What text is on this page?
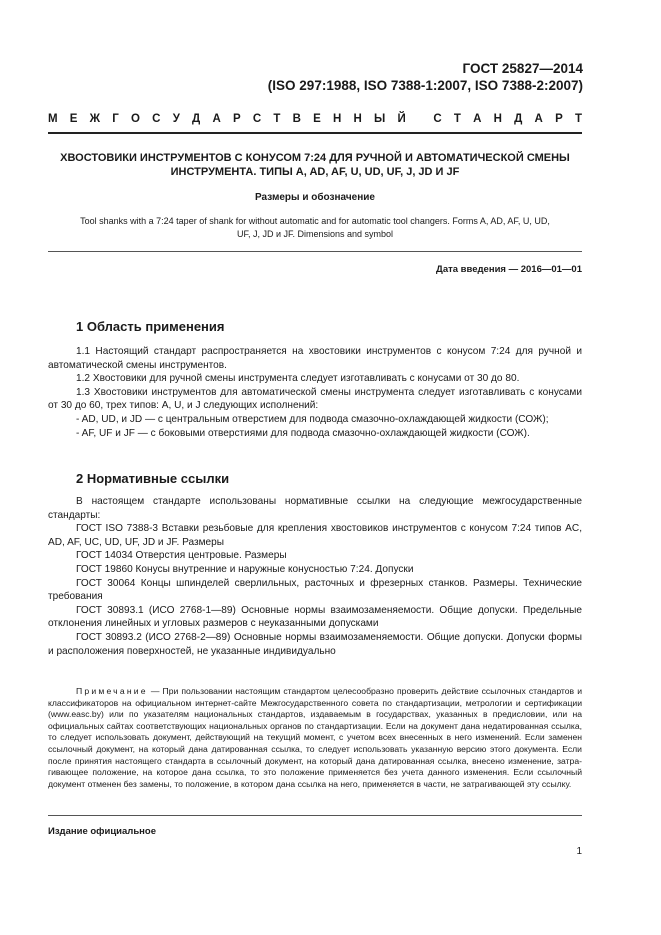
ГОСТ 25827—2014
(ISO 297:1988, ISO 7388-1:2007, ISO 7388-2:2007)
М Е Ж Г О С У Д А Р С Т В Е Н Н Ы Й
С Т А Н Д А Р Т
ХВОСТОВИКИ ИНСТРУМЕНТОВ С КОНУСОМ 7:24 ДЛЯ РУЧНОЙ И АВТОМАТИЧЕСКОЙ СМЕНЫ
ИНСТРУМЕНТА. ТИПЫ A, AD, AF, U, UD, UF, J, JD И JF
Размеры и обозначение
Tool shanks with a 7:24 taper of shank for without automatic and for automatic tool changers. Forms A, AD, AF, U, UD,
UF, J, JD и JF. Dimensions and symbol
Дата введения — 2016—01—01
1 Область применения

1.1 Настоящий стандарт распространяется на хвостовики инструментов с конусом 7:24 для ручной и автоматической смены инструментов.

1.2 Хвостовики для ручной смены инструмента следует изготавливать с конусами от 30 до 80.

1.3 Хвостовики инструментов для автоматической смены инструмента следует изготавливать с конусами от 30 до 60, трех типов: A, U, и J следующих исполнений:

- AD, UD, и JD — с центральным отверстием для подвода смазочно-охлаждающей жидкости (СОЖ);

- AF, UF и JF — с боковыми отверстиями для подвода смазочно-охлаждающей жидкости (СОЖ).

2 Нормативные ссылки

В настоящем стандарте использованы нормативные ссылки на следующие межгосударственные стандарты:

ГОСТ ISO 7388-3 Вставки резьбовые для крепления хвостовиков инструментов с конусом 7:24 типов AC, AD, AF, UC, UD, UF, JD и JF. Размеры

ГОСТ 14034 Отверстия центровые. Размеры

ГОСТ 19860 Конусы внутренние и наружные конусностью 7:24. Допуски

ГОСТ 30064 Концы шпинделей сверлильных, расточных и фрезерных станков. Размеры. Технические требования

ГОСТ 30893.1 (ИСО 2768-1—89) Основные нормы взаимозаменяемости. Общие допуски. Предельные отклонения линейных и угловых размеров с неуказанными допусками

ГОСТ 30893.2 (ИСО 2768-2—89) Основные нормы взаимозаменяемости. Общие допуски. Допуски формы и расположения поверхностей, не указанные индивидуально

Примечание — При пользовании настоящим стандартом целесообразно проверить действие ссылочных стандартов и классификаторов на официальном интернет-сайте Межгосударственного совета по стандартизации, метрологии и сертификации (www.easc.by) или по указателям национальных стандартов, издаваемым в государствах, указанных в предисловии, или на официальных сайтах соответствующих национальных органов по стандартизации. Если на документ дана недатированная ссылка, то следует использовать документ, действующий на текущий момент, с учетом всех внесенных в него изменений. Если заменен ссылочный документ, на который дана датированная ссылка, то следует использовать указанную версию этого документа. Если после принятия настоящего стандарта в ссылочный документ, на который дана датированная ссылка, внесено изменение, затрагивающее положение, на которое дана ссылка, то это положение применяется без учета данного изменения. Если ссылочный документ отменен без замены, то положение, в котором дана ссылка на него, применяется в части, не затрагивающей эту ссылку.

Издание официальное
1
